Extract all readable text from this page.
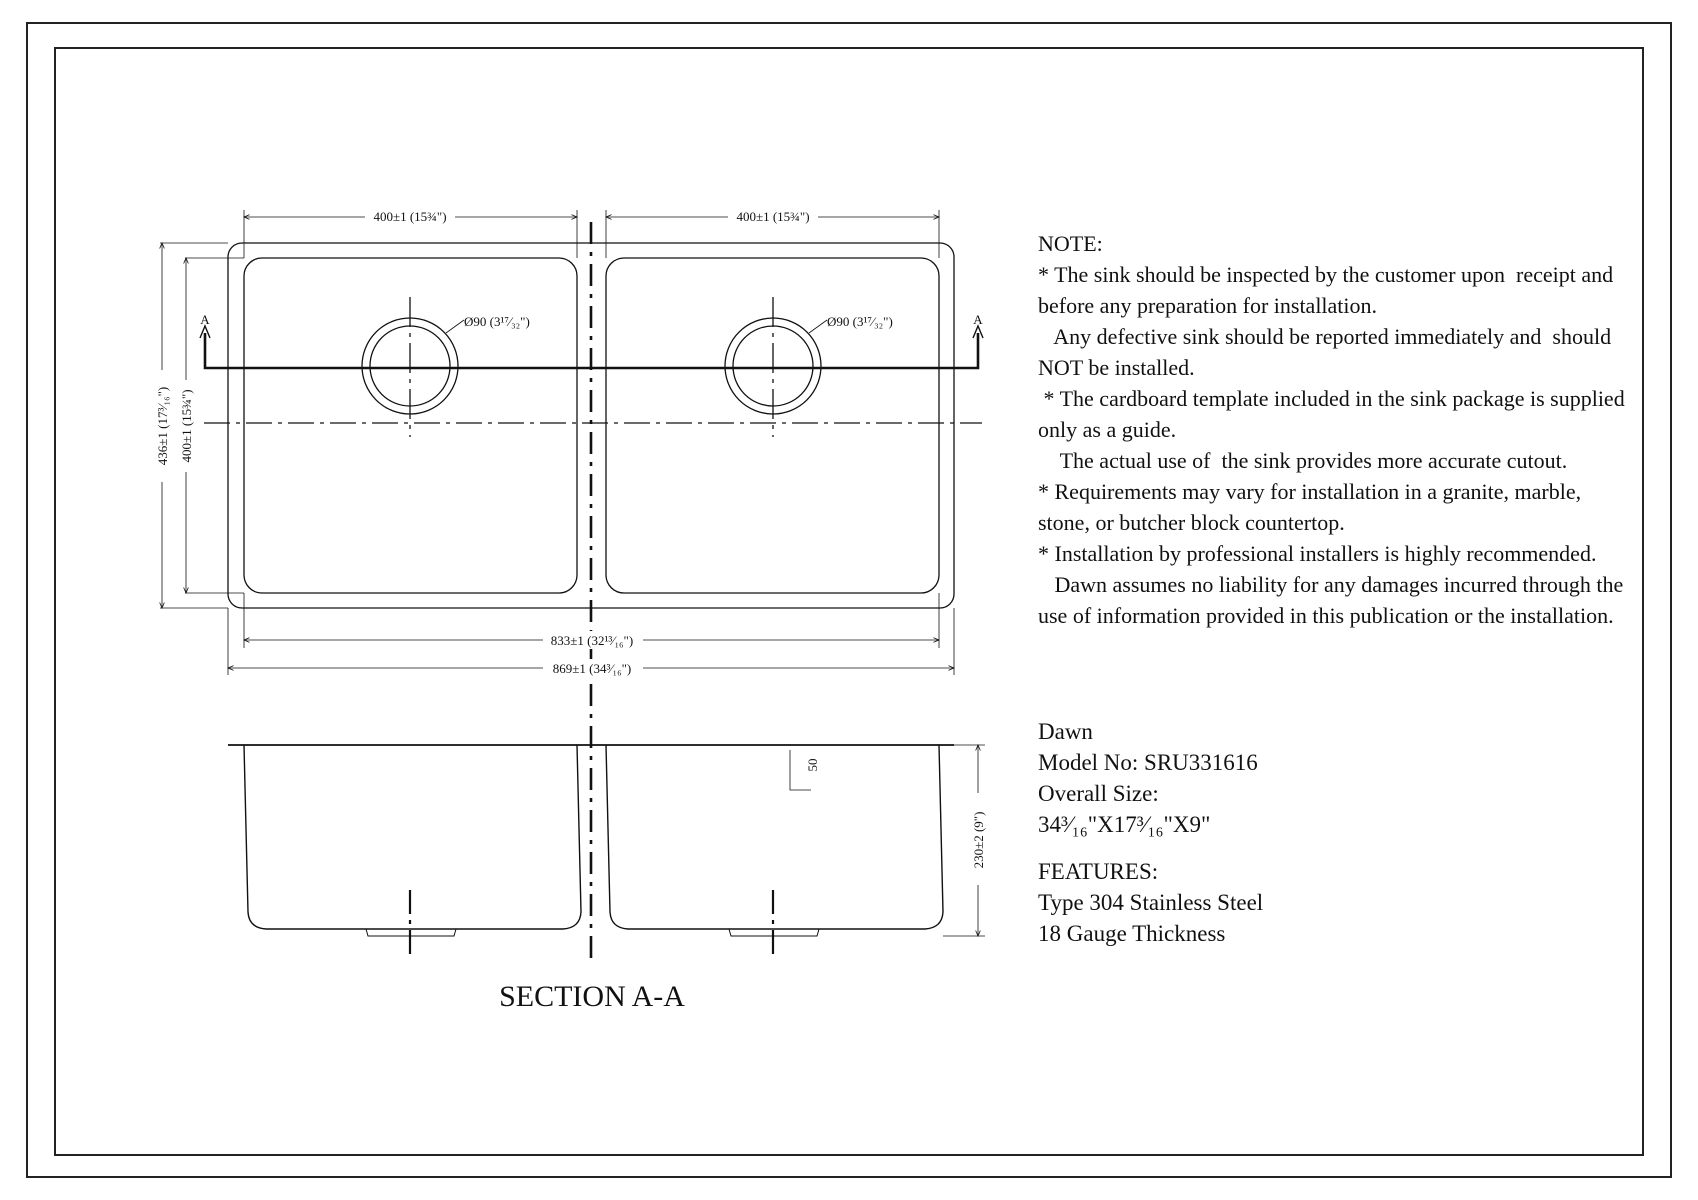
400±1 (15¾")	400±1 (15¾")
Ø90 (3¹⁷⁄₃₂")	Ø90 (3¹⁷⁄₃₂")
A	A
436±1 (17³⁄₁₆") 400±1 (15¾")
833±1 (32¹³⁄₁₆")
869±1 (34³⁄₁₆")
50
230±2 (9")
SECTION A-A
NOTE:
* The sink should be inspected by the customer upon  receipt and
before any preparation for installation.
Any defective sink should be reported immediately and  should
NOT be installed.
* The cardboard template included in the sink package is supplied
only as a guide.
The actual use of  the sink provides more accurate cutout.
* Requirements may vary for installation in a granite, marble,
stone, or butcher block countertop.
* Installation by professional installers is highly recommended.
Dawn assumes no liability for any damages incurred through the
use of information provided in this publication or the installation.
Dawn
Model No: SRU331616
Overall Size:
34³⁄₁₆"X17³⁄₁₆"X9"
FEATURES:
Type 304 Stainless Steel
18 Gauge Thickness
